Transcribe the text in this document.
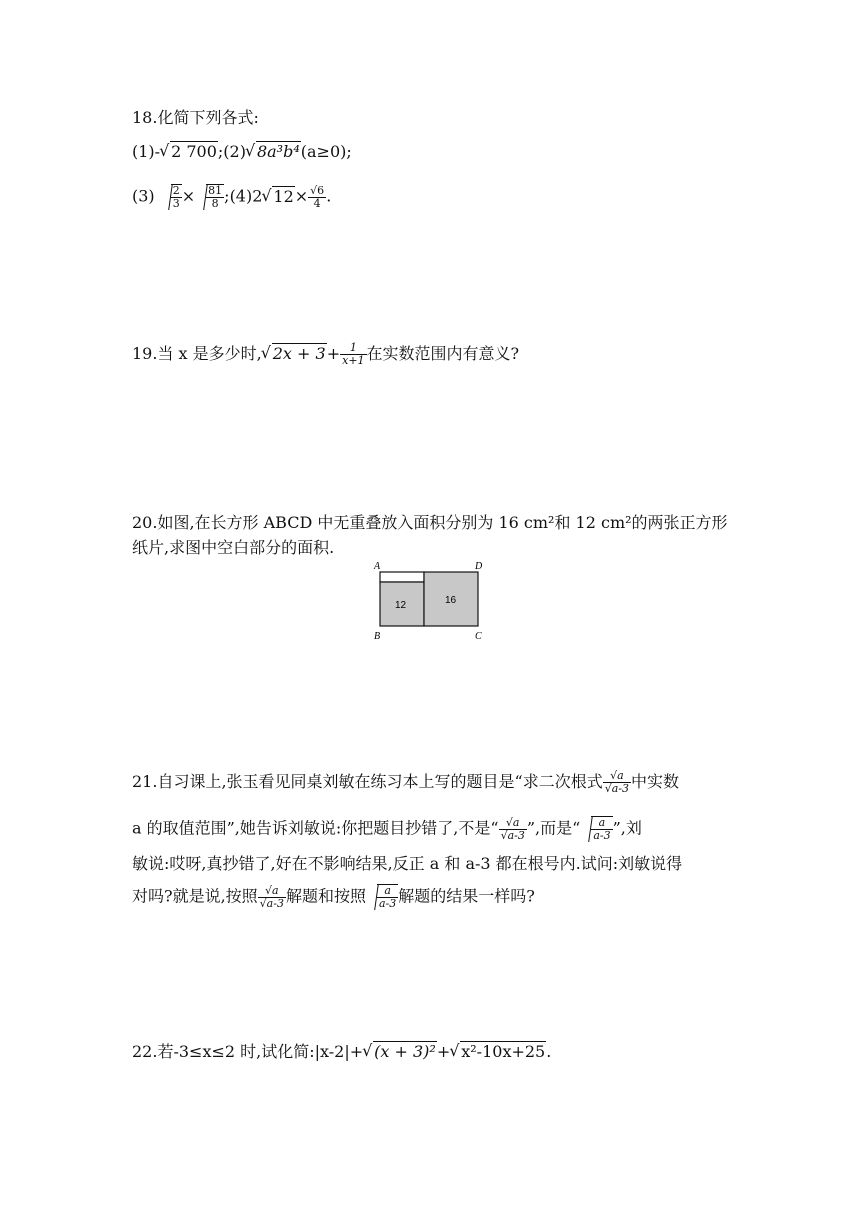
18.化简下列各式:
(1)- √ 2 700;(2) √ 8a³b⁴(a≥0);
$(3) \frac{2}{3} \times \frac{81}{8}$ ;(4)2 √ $12\times \frac{√6}{4}$ .
19.当 x 是多少时, √ $2x + 3+ \frac{1}{x+1}$ 在实数范围内有意义?
20.如图,在长方形 ABCD 中无重叠放入面积分别为 16 cm²和 12 cm²的两张正方形
纸片,求图中空白部分的面积.
A	D
B	C
12	16
21.自习课上,张玉看见同桌刘敏在练习本上写的题目是“求二次根式 $\frac{√a}{√a-3}$ 中实数
a 的取值范围”,她告诉刘敏说:你把题目抄错了,不是“ $\frac{√a}{√a-3}$ ”,而是“ $\frac{a}{a-3}$ ”,刘
敏说:哎呀,真抄错了,好在不影响结果,反正 a 和 a-3 都在根号内.试问:刘敏说得
对吗?就是说,按照 $\frac{√a}{√a-3}$ 解题和按照 $\frac{a}{a-3}$ 解题的结果一样吗?
22.若-3≤x≤2 时,试化简:|x-2|+ √ (x + 3)²+ √ x²-10x+25.
